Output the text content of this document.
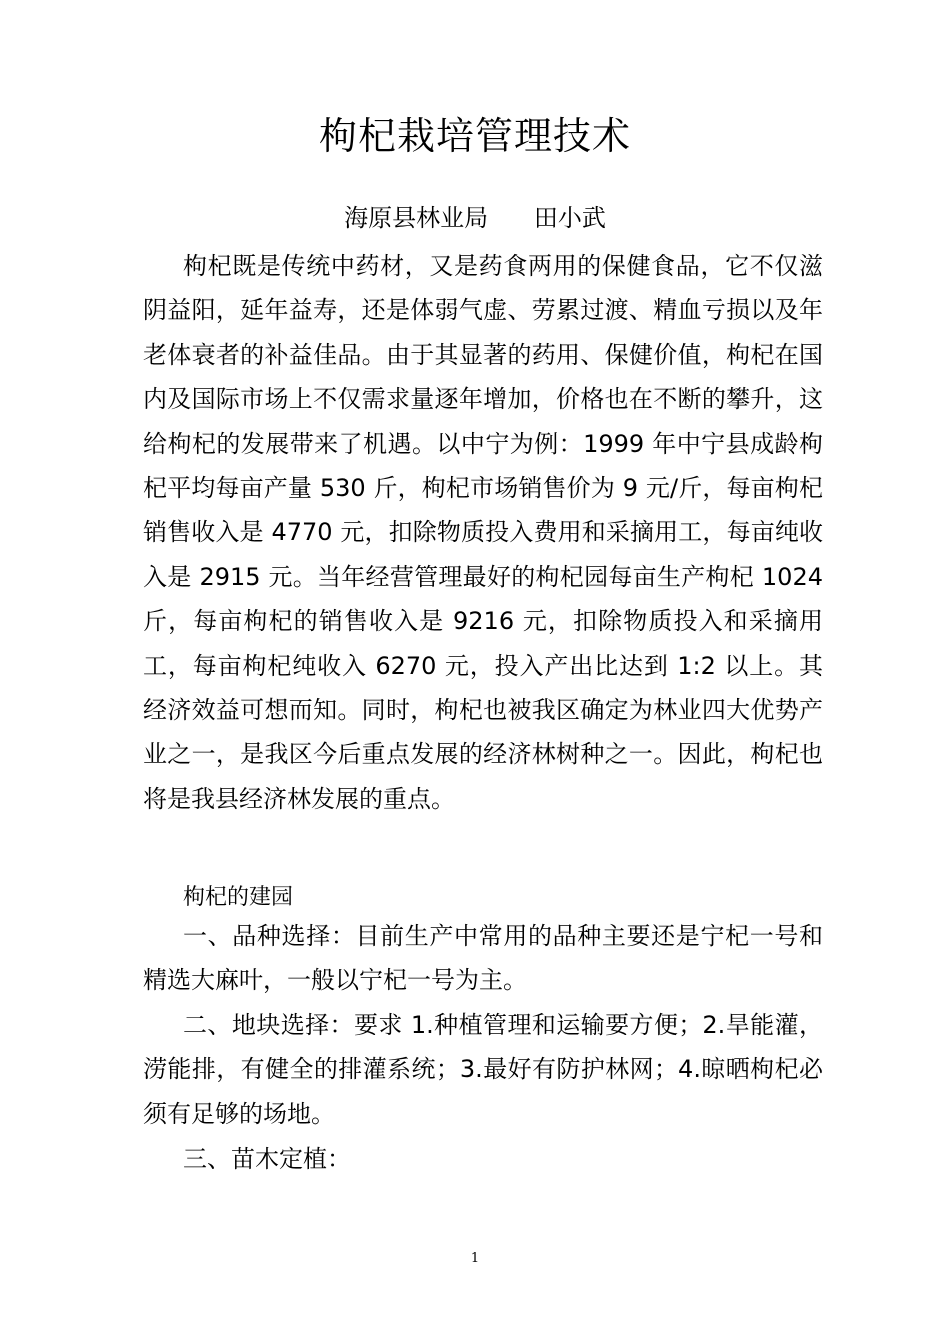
枸杞栽培管理技术
海原县林业局      田小武

枸杞既是传统中药材，又是药食两用的保健食品，它不仅滋阴益阳，延年益寿，还是体弱气虚、劳累过渡、精血亏损以及年老体衰者的补益佳品。由于其显著的药用、保健价值，枸杞在国内及国际市场上不仅需求量逐年增加，价格也在不断的攀升，这给枸杞的发展带来了机遇。以中宁为例：1999 年中宁县成龄枸杞平均每亩产量 530 斤，枸杞市场销售价为 9 元/斤，每亩枸杞销售收入是 4770 元，扣除物质投入费用和采摘用工，每亩纯收入是 2915 元。当年经营管理最好的枸杞园每亩生产枸杞 1024 斤，每亩枸杞的销售收入是 9216 元，扣除物质投入和采摘用工，每亩枸杞纯收入 6270 元，投入产出比达到 1:2 以上。其经济效益可想而知。同时，枸杞也被我区确定为林业四大优势产业之一，是我区今后重点发展的经济林树种之一。因此，枸杞也将是我县经济林发展的重点。

枸杞的建园

一、品种选择：目前生产中常用的品种主要还是宁杞一号和精选大麻叶，一般以宁杞一号为主。

二、地块选择：要求 1.种植管理和运输要方便；2.旱能灌，涝能排，有健全的排灌系统；3.最好有防护林网；4.晾晒枸杞必须有足够的场地。

三、苗木定植：

1
